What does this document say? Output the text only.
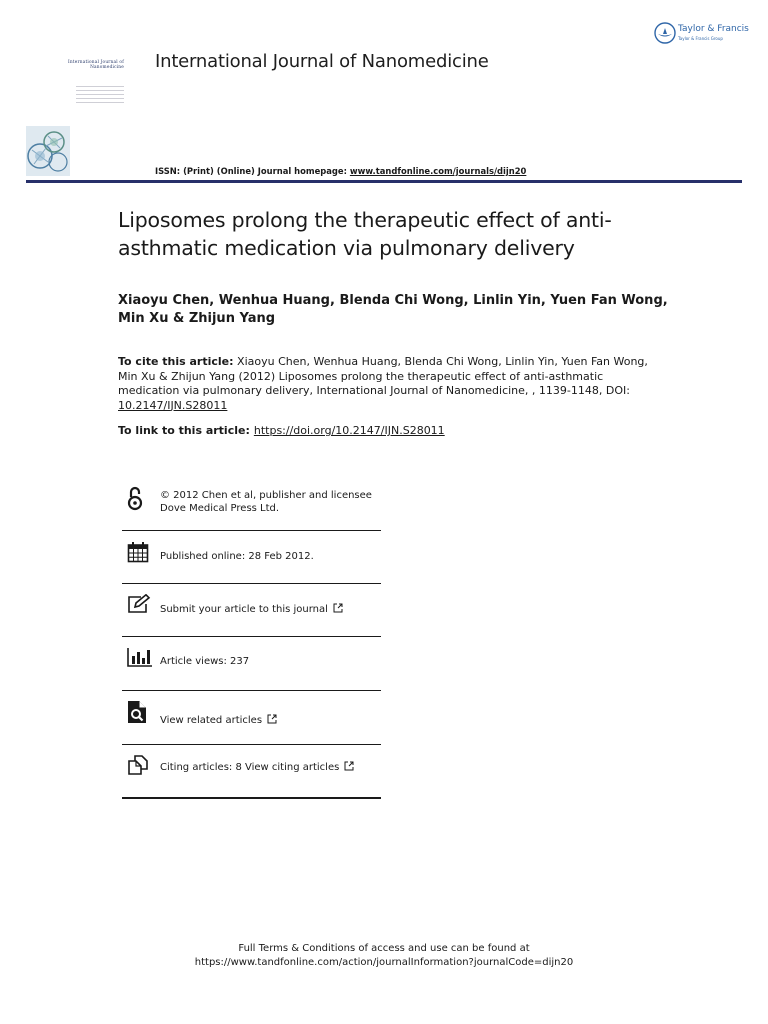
International Journal of Nanomedicine International Journal of Nanomedicine
Taylor & Francis
Taylor & Francis Group
ISSN: (Print) (Online) Journal homepage: www.tandfonline.com/journals/dijn20
Liposomes prolong the therapeutic effect of anti-asthmatic medication via pulmonary delivery
Xiaoyu Chen, Wenhua Huang, Blenda Chi Wong, Linlin Yin, Yuen Fan Wong, Min Xu & Zhijun Yang
To cite this article: Xiaoyu Chen, Wenhua Huang, Blenda Chi Wong, Linlin Yin, Yuen Fan Wong, Min Xu & Zhijun Yang (2012) Liposomes prolong the therapeutic effect of anti-asthmatic medication via pulmonary delivery, International Journal of Nanomedicine, , 1139-1148, DOI: 10.2147/IJN.S28011
To link to this article: https://doi.org/10.2147/IJN.S28011
© 2012 Chen et al, publisher and licensee
Dove Medical Press Ltd.
Published online: 28 Feb 2012.
Submit your article to this journal
Article views: 237
View related articles
Citing articles: 8 View citing articles
Full Terms & Conditions of access and use can be found at
https://www.tandfonline.com/action/journalInformation?journalCode=dijn20
